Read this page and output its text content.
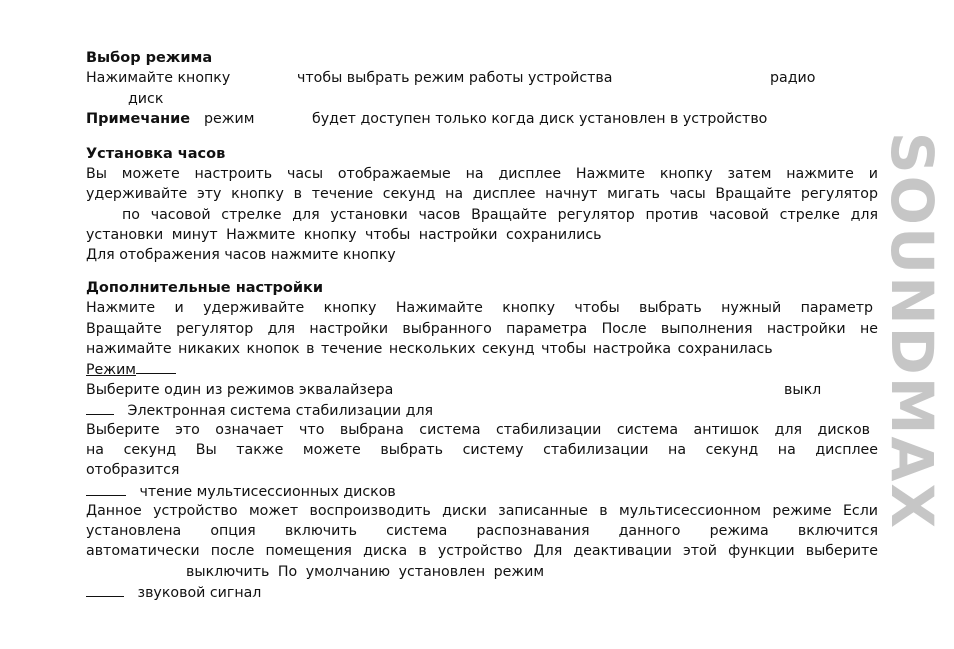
Выбор режима
Нажимайте кнопку	чтобы выбрать режим работы устройства	радио
диск
Примечание режим	будет доступен только когда диск установлен в устройство
Установка часов
Вы можете настроить часы отображаемые на дисплее Нажмите кнопку затем нажмите и
удерживайте эту кнопку в течение секунд на дисплее начнут мигать часы Вращайте регулятор
по часовой стрелке для установки часов Вращайте регулятор против часовой стрелке для
установки минут Нажмите кнопку чтобы настройки сохранились
Для отображения часов нажмите кнопку
Дополнительные настройки
Нажмите и удерживайте кнопку Нажимайте кнопку чтобы выбрать нужный параметр
Вращайте регулятор для настройки выбранного параметра После выполнения настройки не
нажимайте никаких кнопок в течение нескольких секунд чтобы настройка сохранилась
Режим
Выберите один из режимов эквалайзера	выкл
Электронная система стабилизации для
Выберите это означает что выбрана система стабилизации система антишок для дисков
на секунд Вы также можете выбрать систему стабилизации на секунд на дисплее
отобразится
чтение мультисессионных дисков
Данное устройство может воспроизводить диски записанные в мультисессионном режиме Если
установлена опция включить система распознавания данного режима включится
автоматически после помещения диска в устройство Для деактивации этой функции выберите
выключить По умолчанию установлен режим
звуковой сигнал
SOUNDMAX
